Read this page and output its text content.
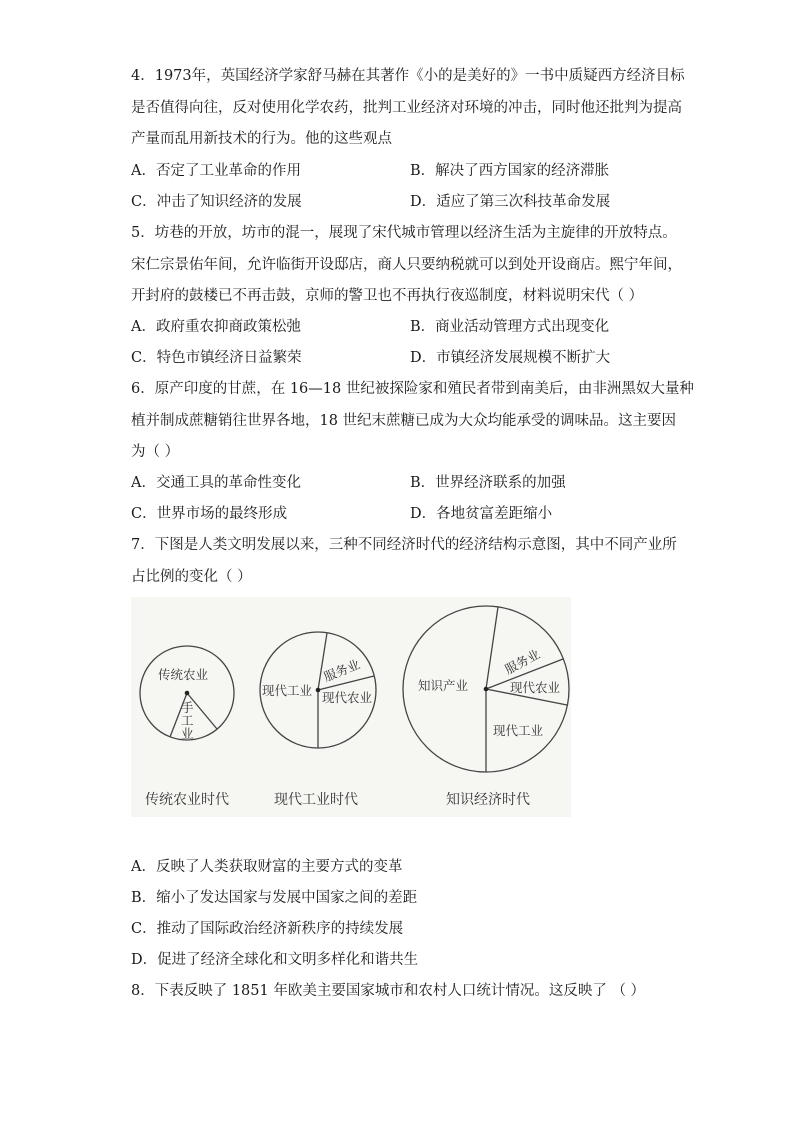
4．1973年，英国经济学家舒马赫在其著作《小的是美好的》一书中质疑西方经济目标
是否值得向往，反对使用化学农药，批判工业经济对环境的冲击，同时他还批判为提高
产量而乱用新技术的行为。他的这些观点
A．否定了工业革命的作用	B．解决了西方国家的经济滞胀
C．冲击了知识经济的发展	D．适应了第三次科技革命发展
5．坊巷的开放，坊市的混一，展现了宋代城市管理以经济生活为主旋律的开放特点。
宋仁宗景佑年间，允许临街开设邸店，商人只要纳税就可以到处开设商店。熙宁年间，
开封府的鼓楼已不再击鼓，京师的警卫也不再执行夜巡制度，材料说明宋代（ ）
A．政府重农抑商政策松弛	B．商业活动管理方式出现变化
C．特色市镇经济日益繁荣	D．市镇经济发展规模不断扩大
6．原产印度的甘蔗，在 16—18 世纪被探险家和殖民者带到南美后，由非洲黑奴大量种
植并制成蔗糖销往世界各地，18 世纪末蔗糖已成为大众均能承受的调味品。这主要因
为（ ）
A．交通工具的革命性变化	B．世界经济联系的加强
C．世界市场的最终形成	D．各地贫富差距缩小
7．下图是人类文明发展以来，三种不同经济时代的经济结构示意图，其中不同产业所
占比例的变化（ ）
传统农业
手
工
业
传统农业时代
现代工业
服务业
现代农业
现代工业时代
知识产业
服务业
现代农业
现代工业
知识经济时代
A．反映了人类获取财富的主要方式的变革
B．缩小了发达国家与发展中国家之间的差距
C．推动了国际政治经济新秩序的持续发展
D．促进了经济全球化和文明多样化和谐共生
8．下表反映了 1851 年欧美主要国家城市和农村人口统计情况。这反映了 （ ）
